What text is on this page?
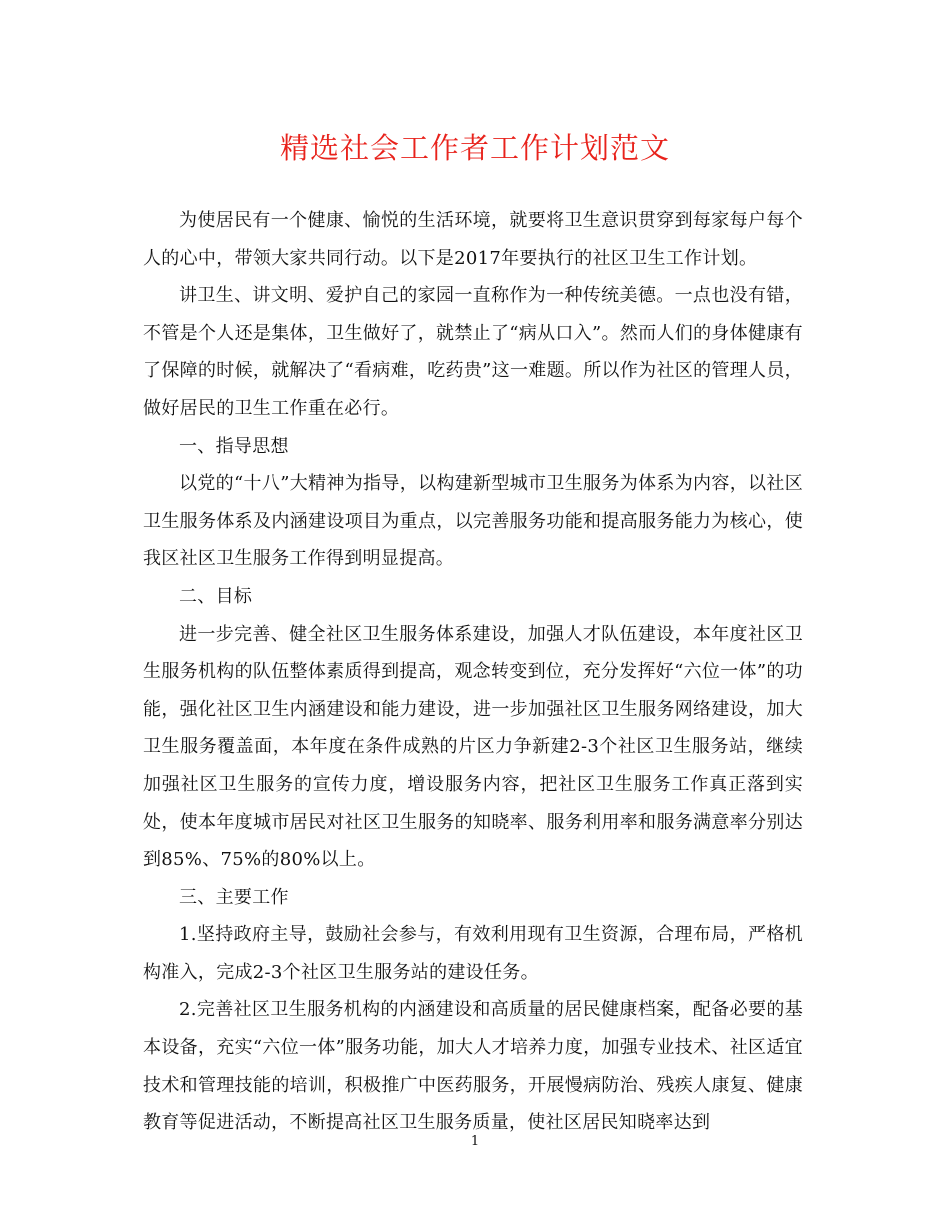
精选社会工作者工作计划范文

为使居民有一个健康、愉悦的生活环境，就要将卫生意识贯穿到每家每户每个人的心中，带领大家共同行动。以下是2017年要执行的社区卫生工作计划。

讲卫生、讲文明、爱护自己的家园一直称作为一种传统美德。一点也没有错，不管是个人还是集体，卫生做好了，就禁止了“病从口入”。然而人们的身体健康有了保障的时候，就解决了“看病难，吃药贵”这一难题。所以作为社区的管理人员，做好居民的卫生工作重在必行。

一、指导思想

以党的“十八”大精神为指导，以构建新型城市卫生服务为体系为内容，以社区卫生服务体系及内涵建设项目为重点，以完善服务功能和提高服务能力为核心，使我区社区卫生服务工作得到明显提高。

二、目标

进一步完善、健全社区卫生服务体系建设，加强人才队伍建设，本年度社区卫生服务机构的队伍整体素质得到提高，观念转变到位，充分发挥好“六位一体”的功能，强化社区卫生内涵建设和能力建设，进一步加强社区卫生服务网络建设，加大卫生服务覆盖面，本年度在条件成熟的片区力争新建2-3个社区卫生服务站，继续加强社区卫生服务的宣传力度，增设服务内容，把社区卫生服务工作真正落到实处，使本年度城市居民对社区卫生服务的知晓率、服务利用率和服务满意率分别达到85%、75%的80%以上。

三、主要工作

1.坚持政府主导，鼓励社会参与，有效利用现有卫生资源，合理布局，严格机构准入，完成2-3个社区卫生服务站的建设任务。

2.完善社区卫生服务机构的内涵建设和高质量的居民健康档案，配备必要的基本设备，充实“六位一体”服务功能，加大人才培养力度，加强专业技术、社区适宜技术和管理技能的培训，积极推广中医药服务，开展慢病防治、残疾人康复、健康教育等促进活动，不断提高社区卫生服务质量，使社区居民知晓率达到

1
